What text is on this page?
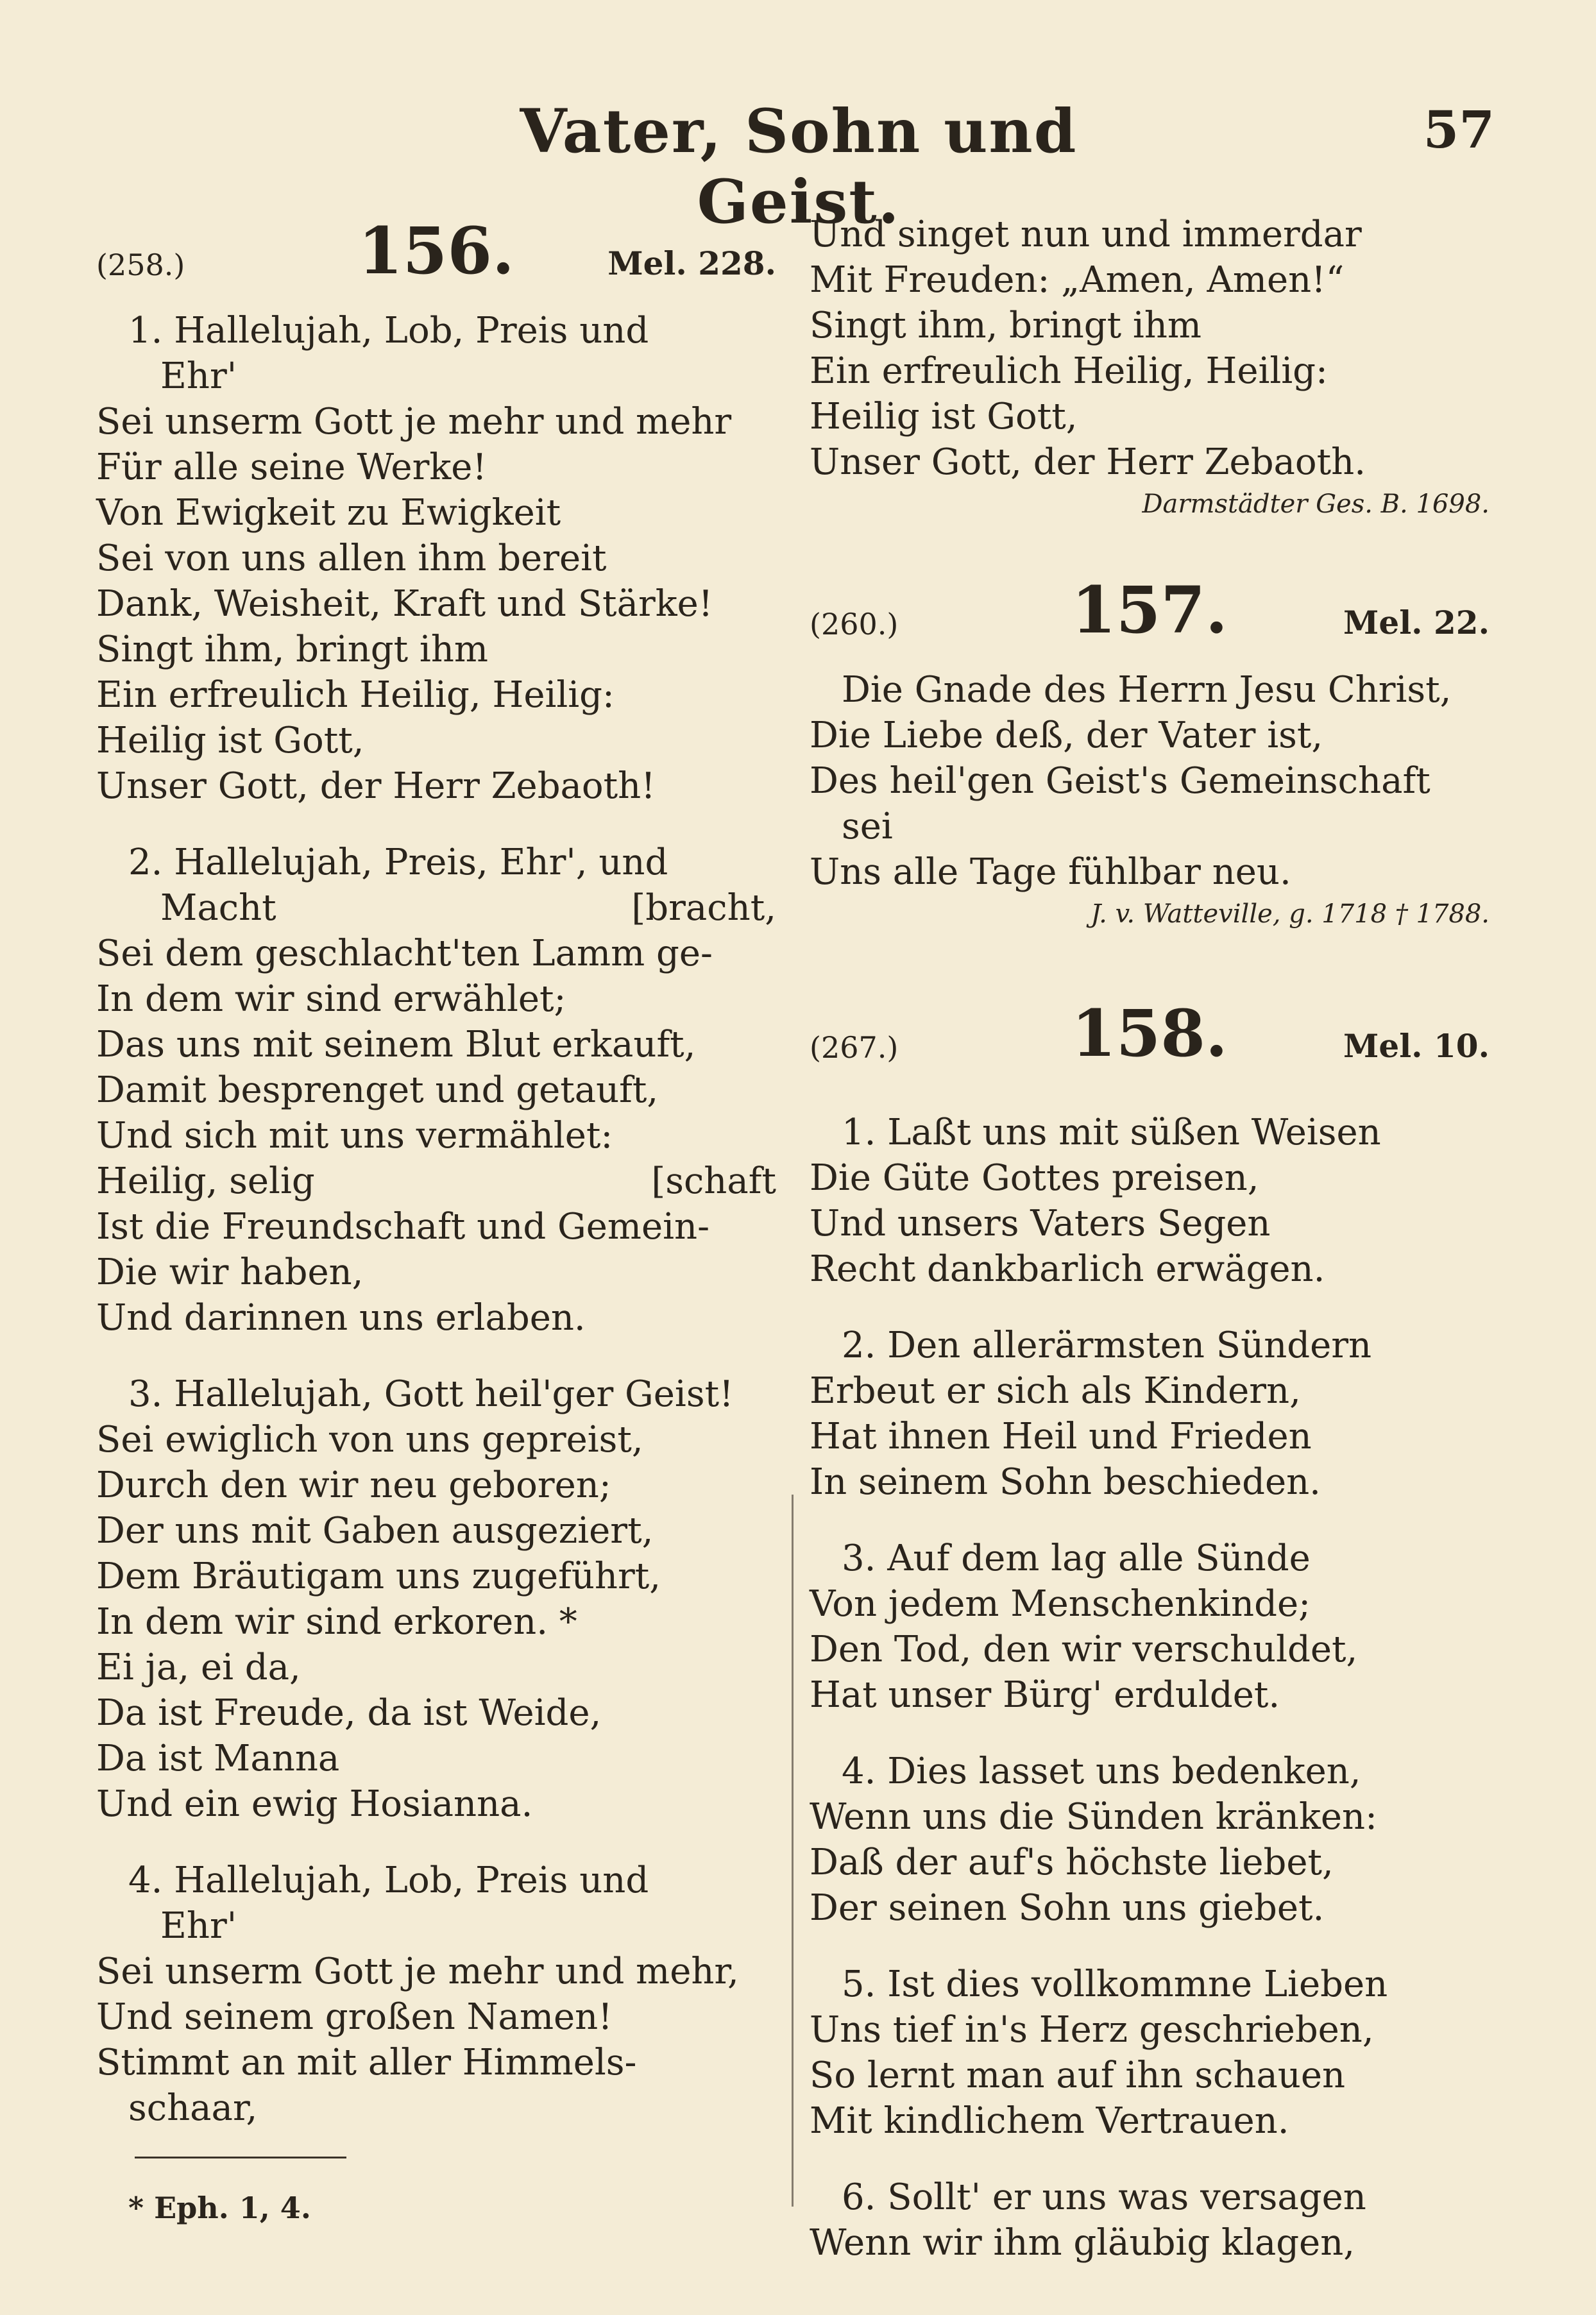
Vater, Sohn und Geist.
57
(258.)	156.	Mel. 228.
1. Hallelujah, Lob, Preis und
Ehr'
Sei unserm Gott je mehr und mehr
Für alle seine Werke!
Von Ewigkeit zu Ewigkeit
Sei von uns allen ihm bereit
Dank, Weisheit, Kraft und Stärke!
Singt ihm, bringt ihm
Ein erfreulich Heilig, Heilig:
Heilig ist Gott,
Unser Gott, der Herr Zebaoth!
2. Hallelujah, Preis, Ehr', und
Macht	[bracht,
Sei dem geschlacht'ten Lamm ge-
In dem wir sind erwählet;
Das uns mit seinem Blut erkauft,
Damit besprenget und getauft,
Und sich mit uns vermählet:
Heilig, selig	[schaft
Ist die Freundschaft und Gemein-
Die wir haben,
Und darinnen uns erlaben.
3. Hallelujah, Gott heil'ger Geist!
Sei ewiglich von uns gepreist,
Durch den wir neu geboren;
Der uns mit Gaben ausgeziert,
Dem Bräutigam uns zugeführt,
In dem wir sind erkoren. *
Ei ja, ei da,
Da ist Freude, da ist Weide,
Da ist Manna
Und ein ewig Hosianna.
4. Hallelujah, Lob, Preis und
Ehr'
Sei unserm Gott je mehr und mehr,
Und seinem großen Namen!
Stimmt an mit aller Himmels-
schaar,
* Eph. 1, 4.
Und singet nun und immerdar
Mit Freuden: „Amen, Amen!“
Singt ihm, bringt ihm
Ein erfreulich Heilig, Heilig:
Heilig ist Gott,
Unser Gott, der Herr Zebaoth.
Darmstädter Ges. B. 1698.
(260.)	157.	Mel. 22.
Die Gnade des Herrn Jesu Christ,
Die Liebe deß, der Vater ist,
Des heil'gen Geist's Gemeinschaft
sei
Uns alle Tage fühlbar neu.
J. v. Watteville, g. 1718 † 1788.
(267.)	158.	Mel. 10.
1. Laßt uns mit süßen Weisen
Die Güte Gottes preisen,
Und unsers Vaters Segen
Recht dankbarlich erwägen.
2. Den allerärmsten Sündern
Erbeut er sich als Kindern,
Hat ihnen Heil und Frieden
In seinem Sohn beschieden.
3. Auf dem lag alle Sünde
Von jedem Menschenkinde;
Den Tod, den wir verschuldet,
Hat unser Bürg' erduldet.
4. Dies lasset uns bedenken,
Wenn uns die Sünden kränken:
Daß der auf's höchste liebet,
Der seinen Sohn uns giebet.
5. Ist dies vollkommne Lieben
Uns tief in's Herz geschrieben,
So lernt man auf ihn schauen
Mit kindlichem Vertrauen.
6. Sollt' er uns was versagen
Wenn wir ihm gläubig klagen,
